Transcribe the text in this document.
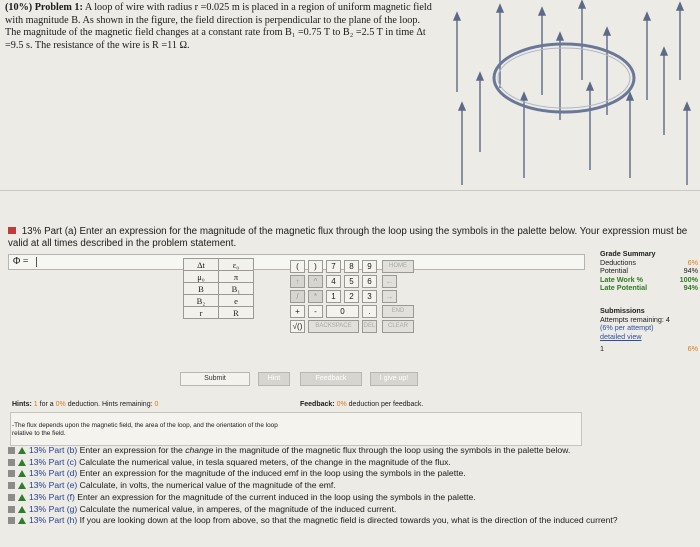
(10%) Problem 1: A loop of wire with radius r =0.025 m is placed in a region of uniform magnetic field with magnitude B. As shown in the figure, the field direction is perpendicular to the plane of the loop. The magnitude of the magnetic field changes at a constant rate from B₁ =0.75 T to B₂ =2.5 T in time Δt =9.5 s. The resistance of the wire is R =11 Ω.
13% Part (a) Enter an expression for the magnitude of the magnetic flux through the loop using the symbols in the palette below. Your expression must be valid at all times described in the problem statement.
Φ =
Grade Summary
Deductions	6%
Potential	94%
Late Work %	100%
Late Potential	94%
Submissions
Attempts remaining: 4
(6% per attempt)
detailed view
1	6%
Δt	ε₀
μ₀	π
B	B₁
B₂	e
r	R
(	)	7	8	9	HOME
↑	^	4	5	6	←
/	*	1	2	3	→
+	-	0	.	END
√()	BACKSPACE	DEL	CLEAR
Submit	Hint	Feedback	I give up!
Hints: 1 for a 0% deduction. Hints remaining: 0	Feedback: 0% deduction per feedback.
-The flux depends upon the magnetic field, the area of the loop, and the orientation of the loop relative to the field.
13% Part (b) Enter an expression for the change in the magnitude of the magnetic flux through the loop using the symbols in the palette below.
13% Part (c) Calculate the numerical value, in tesla squared meters, of the change in the magnitude of the flux.
13% Part (d) Enter an expression for the magnitude of the induced emf in the loop using the symbols in the palette.
13% Part (e) Calculate, in volts, the numerical value of the magnitude of the emf.
13% Part (f) Enter an expression for the magnitude of the current induced in the loop using the symbols in the palette.
13% Part (g) Calculate the numerical value, in amperes, of the magnitude of the induced current.
13% Part (h) If you are looking down at the loop from above, so that the magnetic field is directed towards you, what is the direction of the induced current?
